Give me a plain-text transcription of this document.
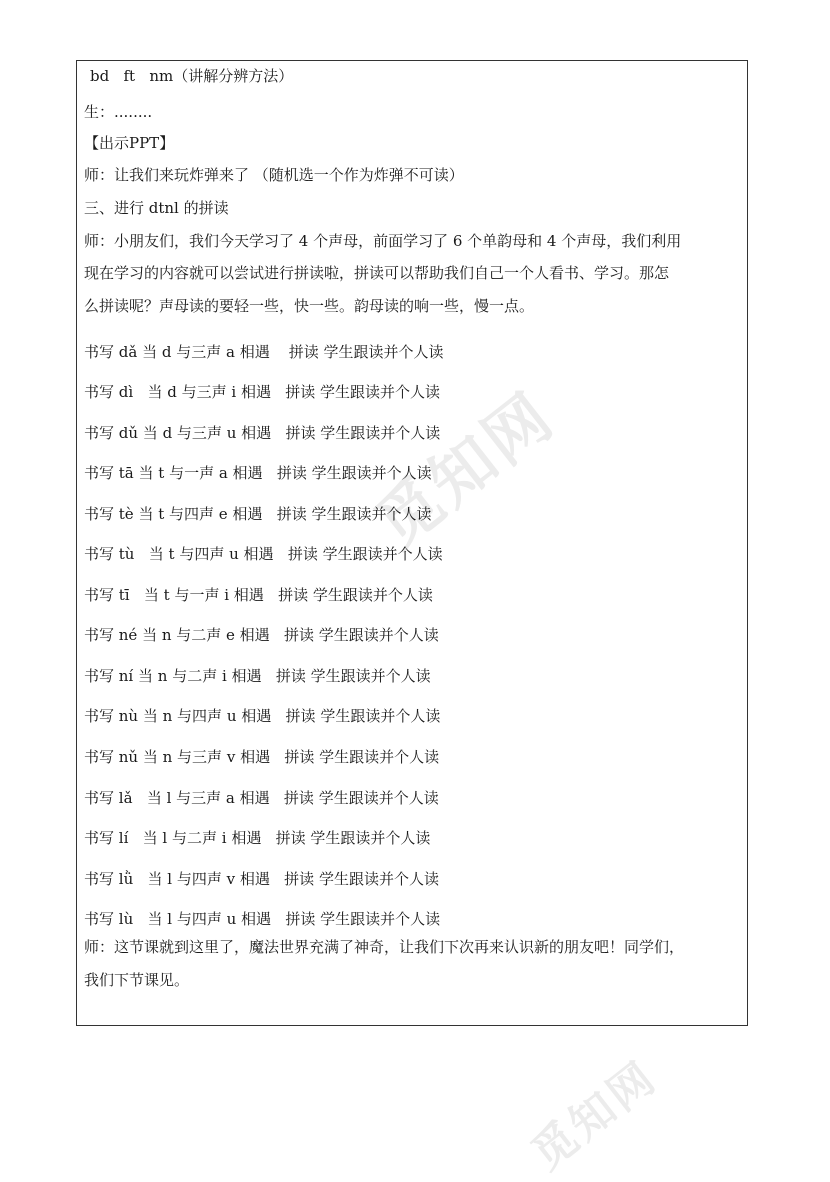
觅知网
觅知网

bd   ft   nm（讲解分辨方法）

生：........

【出示PPT】

师：让我们来玩炸弹来了 （随机选一个作为炸弹不可读）

三、进行 dtnl 的拼读

师：小朋友们，我们今天学习了 4 个声母，前面学习了 6 个单韵母和 4 个声母，我们利用

现在学习的内容就可以尝试进行拼读啦，拼读可以帮助我们自己一个人看书、学习。那怎

么拼读呢？声母读的要轻一些，快一些。韵母读的响一些，慢一点。

书写 dǎ 当 d 与三声 a 相遇    拼读 学生跟读并个人读

书写 dì   当 d 与三声 i 相遇   拼读 学生跟读并个人读

书写 dǔ 当 d 与三声 u 相遇   拼读 学生跟读并个人读

书写 tā 当 t 与一声 a 相遇   拼读 学生跟读并个人读

书写 tè 当 t 与四声 e 相遇   拼读 学生跟读并个人读

书写 tù   当 t 与四声 u 相遇   拼读 学生跟读并个人读

书写 tī   当 t 与一声 i 相遇   拼读 学生跟读并个人读

书写 né 当 n 与二声 e 相遇   拼读 学生跟读并个人读

书写 ní 当 n 与二声 i 相遇   拼读 学生跟读并个人读

书写 nù 当 n 与四声 u 相遇   拼读 学生跟读并个人读

书写 nǔ 当 n 与三声 v 相遇   拼读 学生跟读并个人读

书写 lǎ   当 l 与三声 a 相遇   拼读 学生跟读并个人读

书写 lí   当 l 与二声 i 相遇   拼读 学生跟读并个人读

书写 lǜ   当 l 与四声 v 相遇   拼读 学生跟读并个人读

书写 lù   当 l 与四声 u 相遇   拼读 学生跟读并个人读

师：这节课就到这里了，魔法世界充满了神奇，让我们下次再来认识新的朋友吧！同学们，

我们下节课见。
